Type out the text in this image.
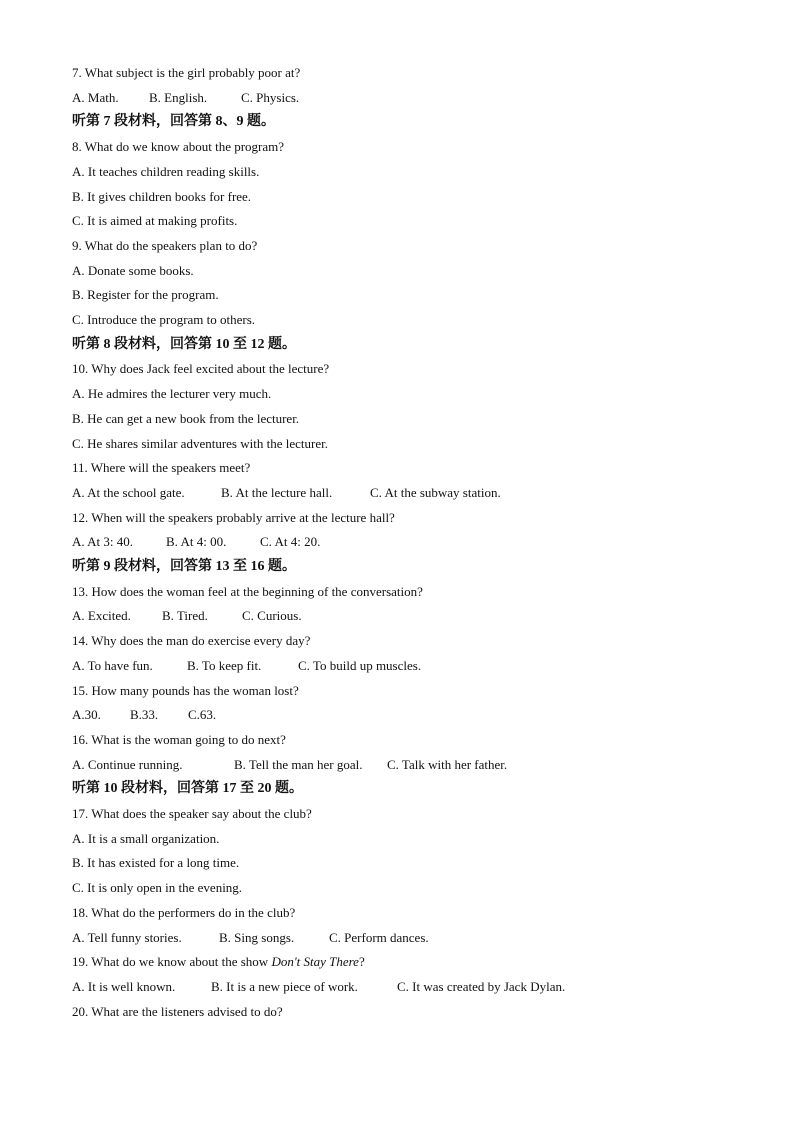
7. What subject is the girl probably poor at?
A. Math. B. English.	C. Physics.
听第 7 段材料，回答第 8、9 题。
8. What do we know about the program?
A. It teaches children reading skills.
B. It gives children books for free.
C. It is aimed at making profits.
9. What do the speakers plan to do?
A. Donate some books.
B. Register for the program.
C. Introduce the program to others.
听第 8 段材料，回答第 10 至 12 题。
10. Why does Jack feel excited about the lecture?
A. He admires the lecturer very much.
B. He can get a new book from the lecturer.
C. He shares similar adventures with the lecturer.
11. Where will the speakers meet?
A. At the school gate.	B. At the lecture hall.	C. At the subway station.
12. When will the speakers probably arrive at the lecture hall?
A. At 3: 40.	B. At 4: 00.	C. At 4: 20.
听第 9 段材料，回答第 13 至 16 题。
13. How does the woman feel at the beginning of the conversation?
A. Excited. B. Tired.	C. Curious.
14. Why does the man do exercise every day?
A. To have fun.	B. To keep fit.	C. To build up muscles.
15. How many pounds has the woman lost?
A.30. B.33. C.63.
16. What is the woman going to do next?
A. Continue running.	B. Tell the man her goal. C. Talk with her father.
听第 10 段材料，回答第 17 至 20 题。
17. What does the speaker say about the club?
A. It is a small organization.
B. It has existed for a long time.
C. It is only open in the evening.
18. What do the performers do in the club?
A. Tell funny stories.	B. Sing songs.	C. Perform dances.
19. What do we know about the show Don't Stay There?
A. It is well known.	B. It is a new piece of work.	C. It was created by Jack Dylan.
20. What are the listeners advised to do?
